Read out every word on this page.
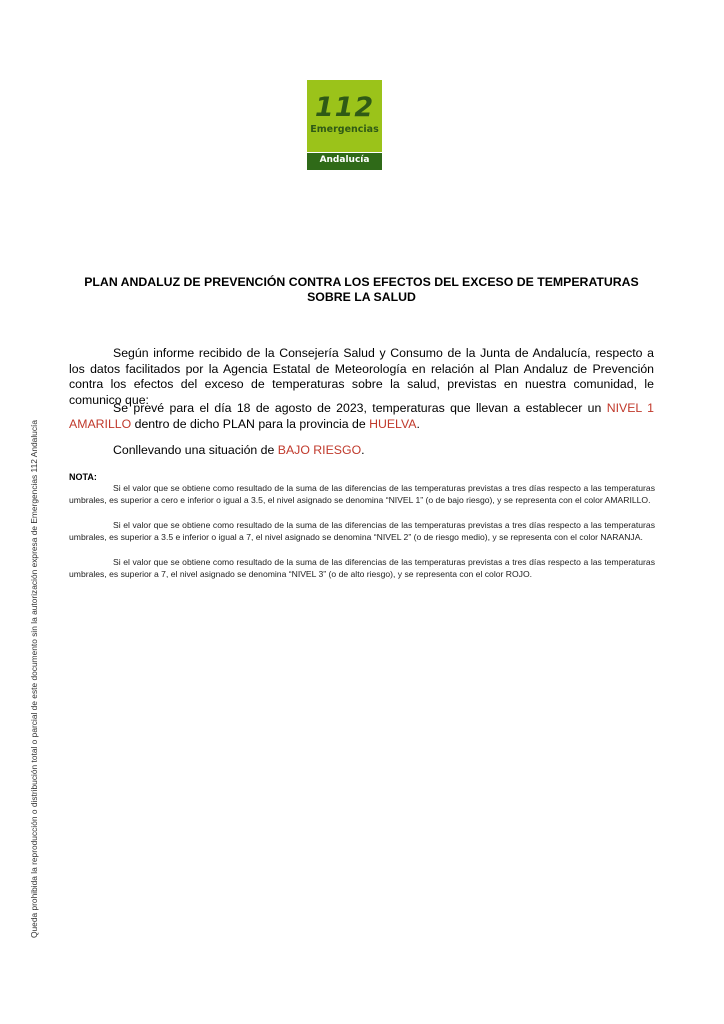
112
Emergencias
Andalucía
PLAN ANDALUZ DE PREVENCIÓN CONTRA LOS EFECTOS DEL EXCESO DE TEMPERATURAS
SOBRE LA SALUD

Según informe recibido de la Consejería Salud y Consumo de la Junta de Andalucía, respecto a los datos facilitados por la Agencia Estatal de Meteorología en relación al Plan Andaluz de Prevención contra los efectos del exceso de temperaturas sobre la salud, previstas en nuestra comunidad, le comunico que:

Se prevé para el día 18 de agosto de 2023, temperaturas que llevan a establecer un NIVEL 1 AMARILLO dentro de dicho PLAN para la provincia de HUELVA.

Conllevando una situación de BAJO RIESGO.

NOTA:

Si el valor que se obtiene como resultado de la suma de las diferencias de las temperaturas previstas a tres días respecto a las temperaturas umbrales, es superior a cero e inferior o igual a 3.5, el nivel asignado se denomina “NIVEL 1” (o de bajo riesgo), y se representa con el color AMARILLO.

Si el valor que se obtiene como resultado de la suma de las diferencias de las temperaturas previstas a tres días respecto a las temperaturas umbrales, es superior a 3.5 e inferior o igual a 7, el nivel asignado se denomina “NIVEL 2” (o de riesgo medio), y se representa con el color NARANJA.

Si el valor que se obtiene como resultado de la suma de las diferencias de las temperaturas previstas a tres días respecto a las temperaturas umbrales, es superior a 7, el nivel asignado se denomina “NIVEL 3” (o de alto riesgo), y se representa con el color ROJO.

Queda prohibida la reproducción o distribución total o parcial de este documento sin la autorización expresa de Emergencias 112 Andalucía
